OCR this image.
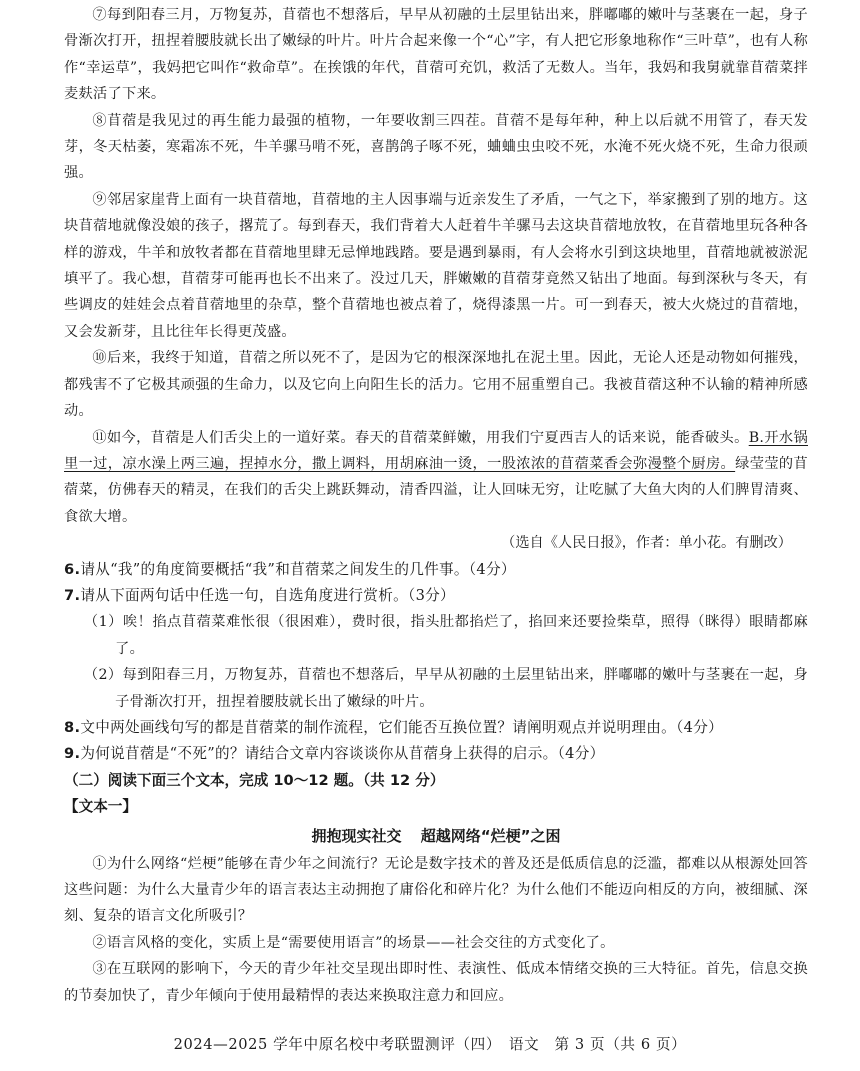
⑦每到阳春三月，万物复苏，苜蓿也不想落后，早早从初融的土层里钻出来，胖嘟嘟的嫩叶与茎裹在一起，身子骨渐次打开，扭捏着腰肢就长出了嫩绿的叶片。叶片合起来像一个“心”字，有人把它形象地称作“三叶草”，也有人称作“幸运草”，我妈把它叫作“救命草”。在挨饿的年代，苜蓿可充饥，救活了无数人。当年，我妈和我舅就靠苜蓿菜拌麦麸活了下来。

⑧苜蓿是我见过的再生能力最强的植物，一年要收割三四茬。苜蓿不是每年种，种上以后就不用管了，春天发芽，冬天枯萎，寒霜冻不死，牛羊骡马啃不死，喜鹊鸽子啄不死，蛐蛐虫虫咬不死，水淹不死火烧不死，生命力很顽强。

⑨邻居家崖背上面有一块苜蓿地，苜蓿地的主人因事端与近亲发生了矛盾，一气之下，举家搬到了别的地方。这块苜蓿地就像没娘的孩子，撂荒了。每到春天，我们背着大人赶着牛羊骡马去这块苜蓿地放牧，在苜蓿地里玩各种各样的游戏，牛羊和放牧者都在苜蓿地里肆无忌惮地践踏。要是遇到暴雨，有人会将水引到这块地里，苜蓿地就被淤泥填平了。我心想，苜蓿芽可能再也长不出来了。没过几天，胖嫩嫩的苜蓿芽竟然又钻出了地面。每到深秋与冬天，有些调皮的娃娃会点着苜蓿地里的杂草，整个苜蓿地也被点着了，烧得漆黑一片。可一到春天，被大火烧过的苜蓿地，又会发新芽，且比往年长得更茂盛。

⑩后来，我终于知道，苜蓿之所以死不了，是因为它的根深深地扎在泥土里。因此，无论人还是动物如何摧残，都残害不了它极其顽强的生命力，以及它向上向阳生长的活力。它用不屈重塑自己。我被苜蓿这种不认输的精神所感动。

⑪如今，苜蓿是人们舌尖上的一道好菜。春天的苜蓿菜鲜嫩，用我们宁夏西吉人的话来说，能香破头。B.开水锅里一过，凉水澡上两三遍，捏掉水分，撒上调料，用胡麻油一烫，一股浓浓的苜蓿菜香会弥漫整个厨房。绿莹莹的苜蓿菜，仿佛春天的精灵，在我们的舌尖上跳跃舞动，清香四溢，让人回味无穷，让吃腻了大鱼大肉的人们脾胃清爽、食欲大增。

（选自《人民日报》，作者：单小花。有删改）

6.请从“我”的角度简要概括“我”和苜蓿菜之间发生的几件事。（4分）

7.请从下面两句话中任选一句，自选角度进行赏析。（3分）

（1）唉！掐点苜蓿菜难怅很（很困难），费时很，指头肚都掐烂了，掐回来还要捡柴草，照得（眯得）眼睛都麻了。

（2）每到阳春三月，万物复苏，苜蓿也不想落后，早早从初融的土层里钻出来，胖嘟嘟的嫩叶与茎裹在一起，身子骨渐次打开，扭捏着腰肢就长出了嫩绿的叶片。

8.文中两处画线句写的都是苜蓿菜的制作流程，它们能否互换位置？请阐明观点并说明理由。（4分）

9.为何说苜蓿是“不死”的？请结合文章内容谈谈你从苜蓿身上获得的启示。（4分）

（二）阅读下面三个文本，完成 10～12 题。（共 12 分）

【文本一】

拥抱现实社交 超越网络“烂梗”之困

①为什么网络“烂梗”能够在青少年之间流行？无论是数字技术的普及还是低质信息的泛滥，都难以从根源处回答这些问题：为什么大量青少年的语言表达主动拥抱了庸俗化和碎片化？为什么他们不能迈向相反的方向，被细腻、深刻、复杂的语言文化所吸引？

②语言风格的变化，实质上是“需要使用语言”的场景——社会交往的方式变化了。

③在互联网的影响下，今天的青少年社交呈现出即时性、表演性、低成本情绪交换的三大特征。首先，信息交换的节奏加快了，青少年倾向于使用最精悍的表达来换取注意力和回应。

2024—2025 学年中原名校中考联盟测评（四）　语文　第 3 页（共 6 页）
